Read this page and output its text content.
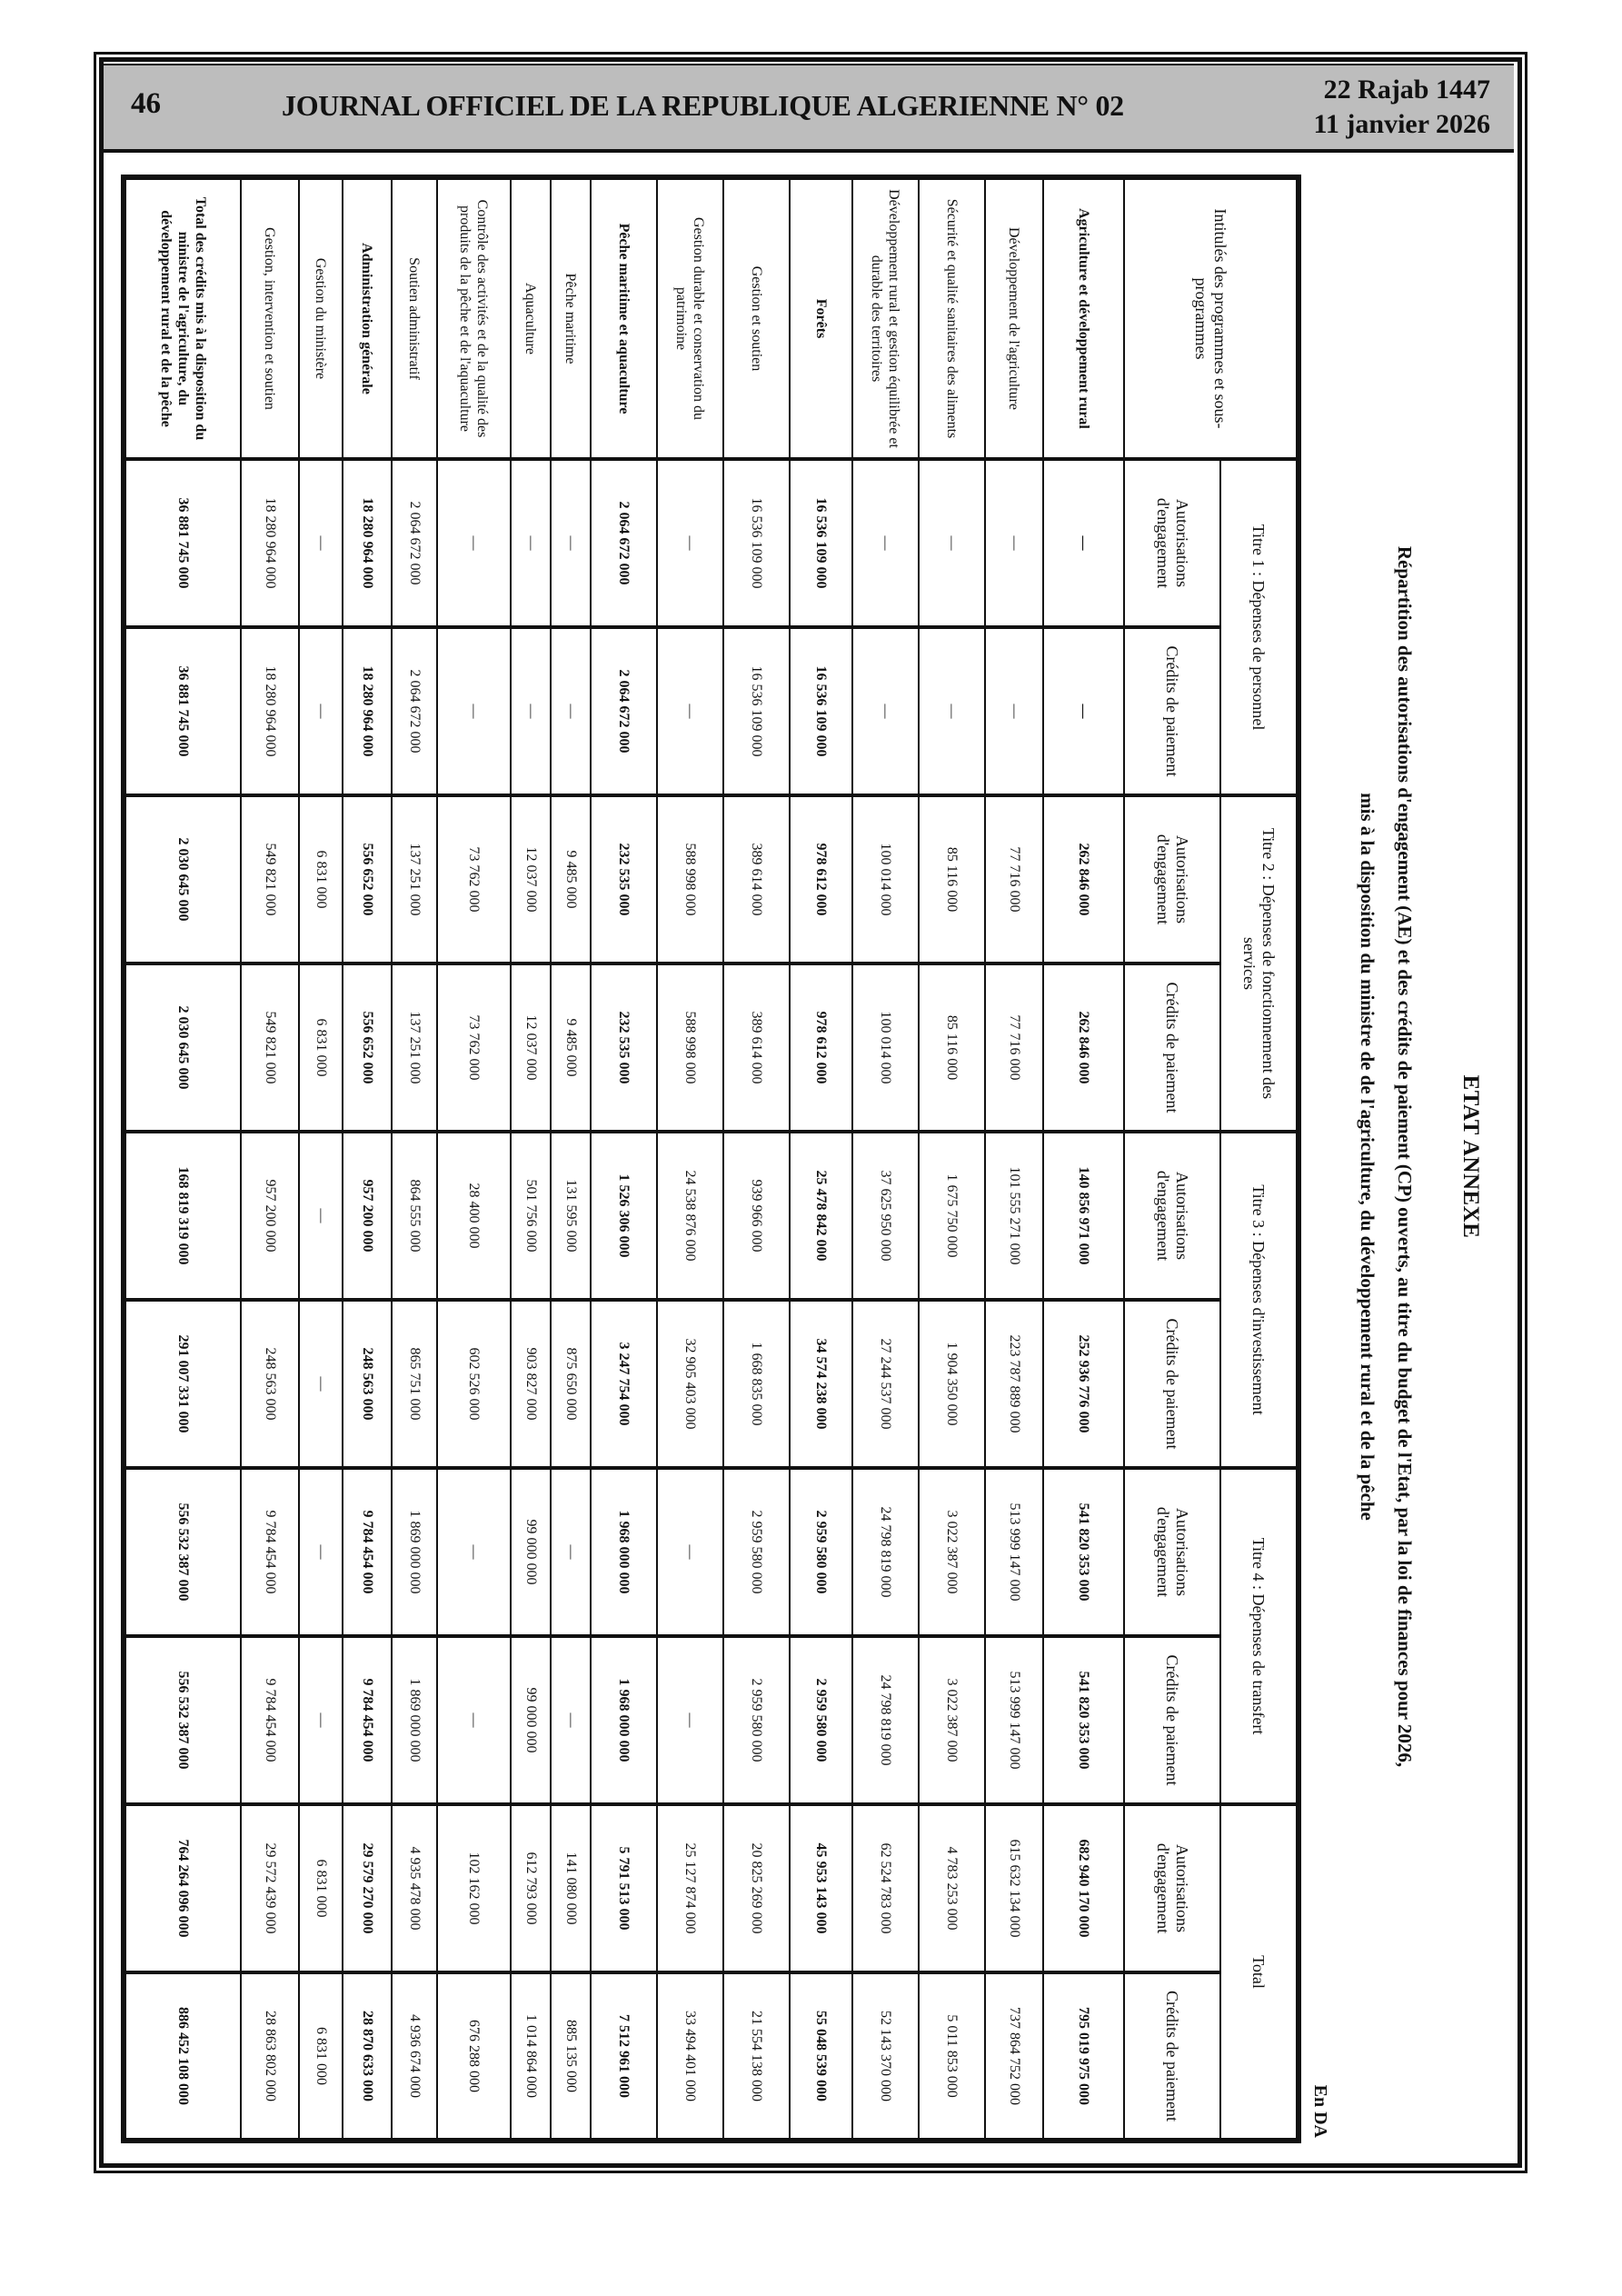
46	JOURNAL OFFICIEL DE LA REPUBLIQUE ALGERIENNE N° 02	22 Rajab 1447
11 janvier 2026
ETAT ANNEXE
Répartition des autorisations d'engagement (AE) et des crédits de paiement (CP) ouverts, au titre du budget de l'Etat, par la loi de finances pour 2026,
mis à la disposition du ministre de de l'agriculture, du développement rural et de la pêche
En DA
Intitulés des programmes et sous-programmes	Titre 1 : Dépenses de personnel		Titre 2 : Dépenses de fonctionnement des services		Titre 3 : Dépenses d'investissement		Titre 4 : Dépenses de transfert		Total	
	Autorisations d'engagement	Crédits de paiement	Autorisations d'engagement	Crédits de paiement	Autorisations d'engagement	Crédits de paiement	Autorisations d'engagement	Crédits de paiement	Autorisations d'engagement	Crédits de paiement
Agriculture et développement rural	—	—	262 846 000	262 846 000	140 856 971 000	252 936 776 000	541 820 353 000	541 820 353 000	682 940 170 000	795 019 975 000
Développement de l'agriculture	—	—	77 716 000	77 716 000	101 555 271 000	223 787 889 000	513 999 147 000	513 999 147 000	615 632 134 000	737 864 752 000
Sécurité et qualité sanitaires des aliments	—	—	85 116 000	85 116 000	1 675 750 000	1 904 350 000	3 022 387 000	3 022 387 000	4 783 253 000	5 011 853 000
Développement rural et gestion équilibrée et durable des territoires	—	—	100 014 000	100 014 000	37 625 950 000	27 244 537 000	24 798 819 000	24 798 819 000	62 524 783 000	52 143 370 000
Forêts	16 536 109 000	16 536 109 000	978 612 000	978 612 000	25 478 842 000	34 574 238 000	2 959 580 000	2 959 580 000	45 953 143 000	55 048 539 000
Gestion et soutien	16 536 109 000	16 536 109 000	389 614 000	389 614 000	939 966 000	1 668 835 000	2 959 580 000	2 959 580 000	20 825 269 000	21 554 138 000
Gestion durable et conservation du patrimoine	—	—	588 998 000	588 998 000	24 538 876 000	32 905 403 000	—	—	25 127 874 000	33 494 401 000
Pêche maritime et aquaculture	2 064 672 000	2 064 672 000	232 535 000	232 535 000	1 526 306 000	3 247 754 000	1 968 000 000	1 968 000 000	5 791 513 000	7 512 961 000
Pêche maritime	—	—	9 485 000	9 485 000	131 595 000	875 650 000	—	—	141 080 000	885 135 000
Aquaculture	—	—	12 037 000	12 037 000	501 756 000	903 827 000	99 000 000	99 000 000	612 793 000	1 014 864 000
Contrôle des activités et de la qualité des produits de la pêche et de l'aquaculture	—	—	73 762 000	73 762 000	28 400 000	602 526 000	—	—	102 162 000	676 288 000
Soutien administratif	2 064 672 000	2 064 672 000	137 251 000	137 251 000	864 555 000	865 751 000	1 869 000 000	1 869 000 000	4 935 478 000	4 936 674 000
Administration générale	18 280 964 000	18 280 964 000	556 652 000	556 652 000	957 200 000	248 563 000	9 784 454 000	9 784 454 000	29 579 270 000	28 870 633 000
Gestion du ministère	—	—	6 831 000	6 831 000	—	—	—	—	6 831 000	6 831 000
Gestion, intervention et soutien	18 280 964 000	18 280 964 000	549 821 000	549 821 000	957 200 000	248 563 000	9 784 454 000	9 784 454 000	29 572 439 000	28 863 802 000
Total des crédits mis à la disposition du ministre de l'agriculture, du développement rural et de la pêche	36 881 745 000	36 881 745 000	2 030 645 000	2 030 645 000	168 819 319 000	291 007 331 000	556 532 387 000	556 532 387 000	764 264 096 000	886 452 108 000
